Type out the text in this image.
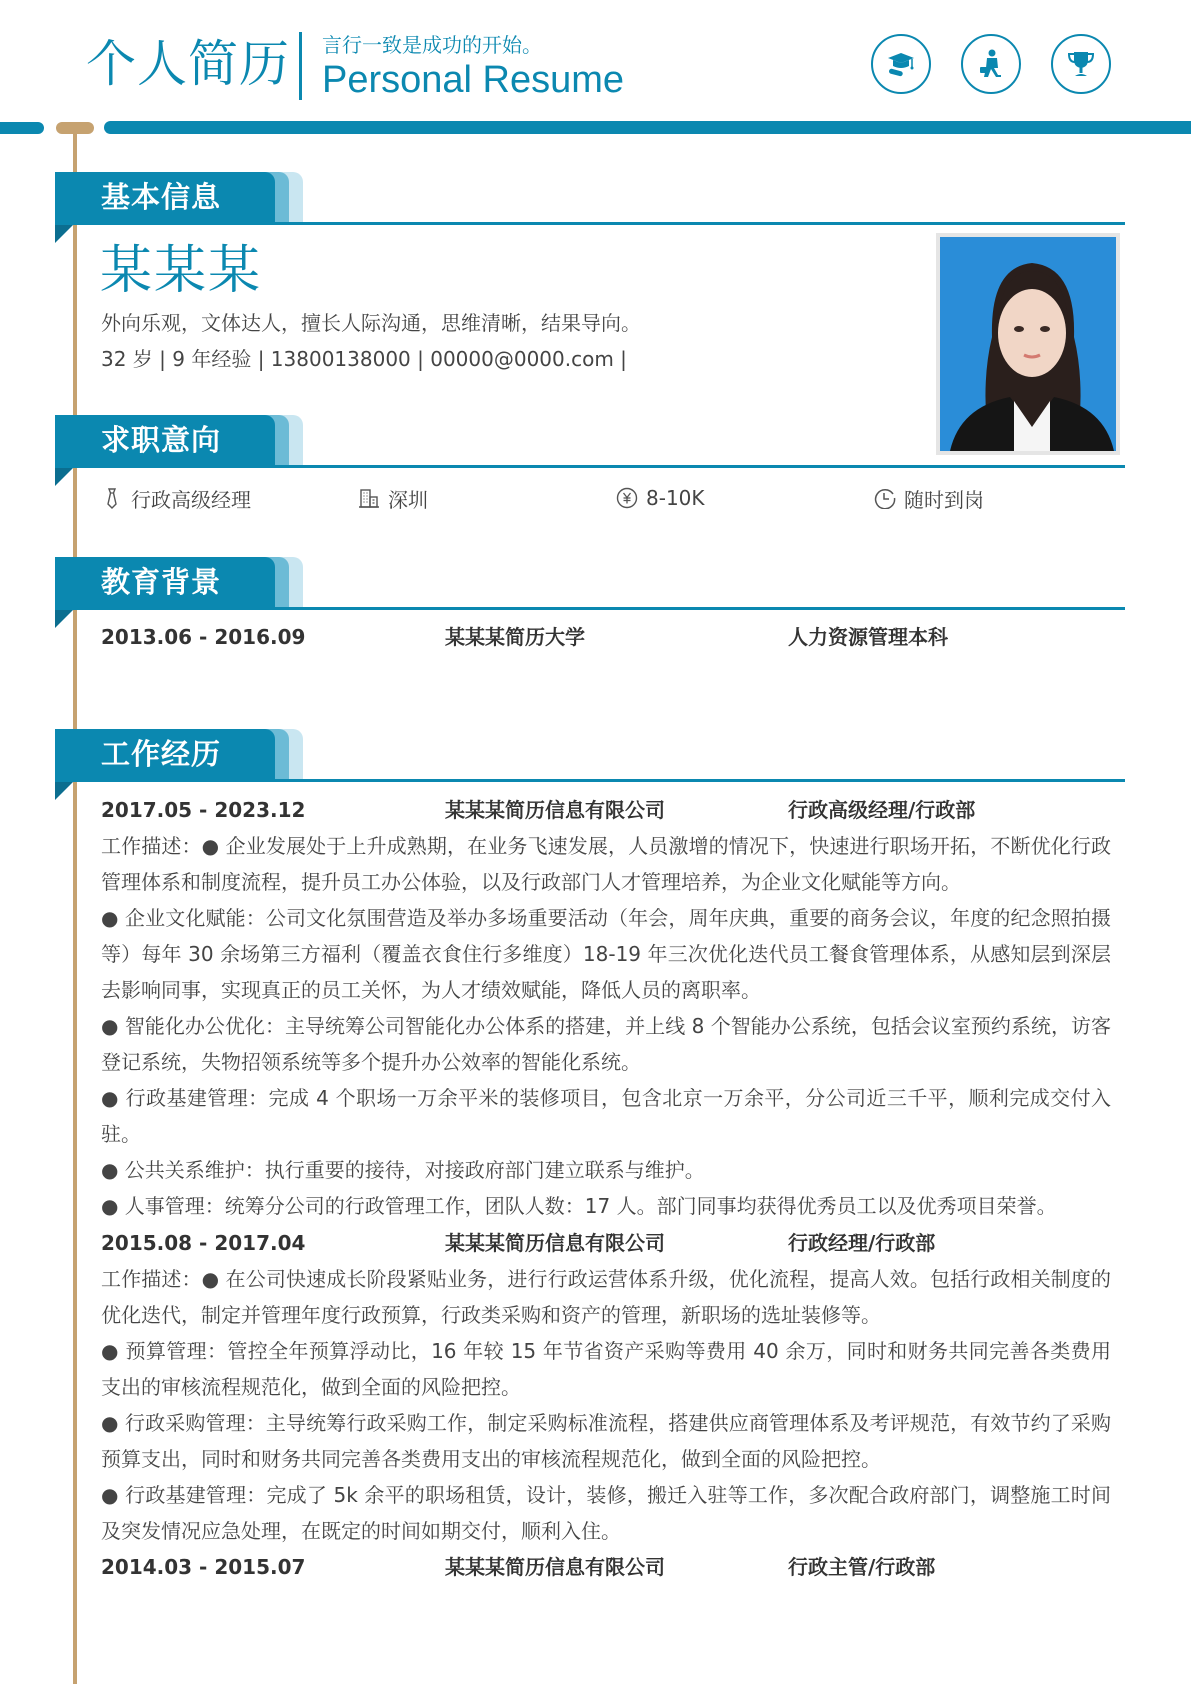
个人简历 言行一致是成功的开始。
Personal Resume
基本信息
某某某
外向乐观，文体达人，擅长人际沟通，思维清晰，结果导向。
32 岁 | 9 年经验 | 13800138000 | 00000@0000.com |
求职意向
行政高级经理	深圳	8-10K	随时到岗
教育背景
2013.06 - 2016.09	某某某简历大学	人力资源管理本科
工作经历
2017.05 - 2023.12	某某某简历信息有限公司	行政高级经理/行政部
工作描述：● 企业发展处于上升成熟期，在业务飞速发展，人员激增的情况下，快速进行职场开拓，不断优化行政管理体系和制度流程，提升员工办公体验，以及行政部门人才管理培养，为企业文化赋能等方向。
● 企业文化赋能：公司文化氛围营造及举办多场重要活动（年会，周年庆典，重要的商务会议，年度的纪念照拍摄等）每年 30 余场第三方福利（覆盖衣食住行多维度）18-19 年三次优化迭代员工餐食管理体系，从感知层到深层去影响同事，实现真正的员工关怀，为人才绩效赋能，降低人员的离职率。
● 智能化办公优化：主导统筹公司智能化办公体系的搭建，并上线 8 个智能办公系统，包括会议室预约系统，访客登记系统，失物招领系统等多个提升办公效率的智能化系统。
● 行政基建管理：完成 4 个职场一万余平米的装修项目，包含北京一万余平，分公司近三千平，顺利完成交付入驻。
● 公共关系维护：执行重要的接待，对接政府部门建立联系与维护。
● 人事管理：统筹分公司的行政管理工作，团队人数：17 人。部门同事均获得优秀员工以及优秀项目荣誉。
2015.08 - 2017.04	某某某简历信息有限公司	行政经理/行政部
工作描述：● 在公司快速成长阶段紧贴业务，进行行政运营体系升级，优化流程，提高人效。包括行政相关制度的优化迭代，制定并管理年度行政预算，行政类采购和资产的管理，新职场的选址装修等。
● 预算管理：管控全年预算浮动比，16 年较 15 年节省资产采购等费用 40 余万，同时和财务共同完善各类费用支出的审核流程规范化，做到全面的风险把控。
● 行政采购管理：主导统筹行政采购工作，制定采购标准流程，搭建供应商管理体系及考评规范，有效节约了采购预算支出，同时和财务共同完善各类费用支出的审核流程规范化，做到全面的风险把控。
● 行政基建管理：完成了 5k 余平的职场租赁，设计，装修，搬迁入驻等工作，多次配合政府部门，调整施工时间及突发情况应急处理，在既定的时间如期交付，顺利入住。
2014.03 - 2015.07	某某某简历信息有限公司	行政主管/行政部
